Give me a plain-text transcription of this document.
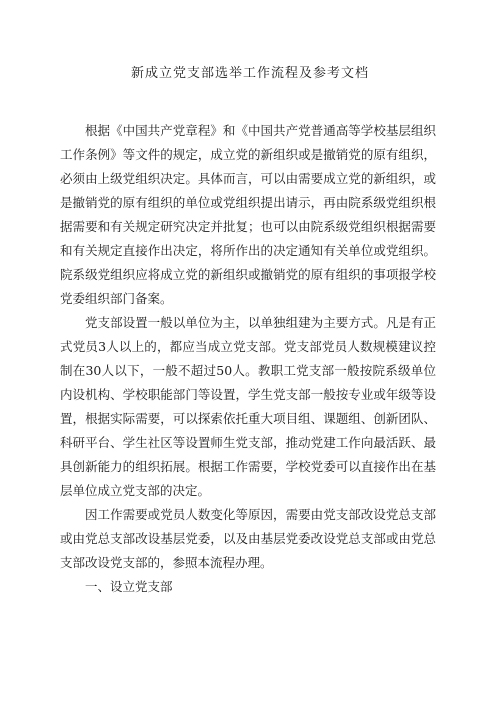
新成立党支部选举工作流程及参考文档

根据《中国共产党章程》和《中国共产党普通高等学校基层组织工作条例》等文件的规定，成立党的新组织或是撤销党的原有组织，必须由上级党组织决定。具体而言，可以由需要成立党的新组织，或是撤销党的原有组织的单位或党组织提出请示，再由院系级党组织根据需要和有关规定研究决定并批复；也可以由院系级党组织根据需要和有关规定直接作出决定，将所作出的决定通知有关单位或党组织。院系级党组织应将成立党的新组织或撤销党的原有组织的事项报学校党委组织部门备案。

党支部设置一般以单位为主，以单独组建为主要方式。凡是有正式党员3人以上的，都应当成立党支部。党支部党员人数规模建议控制在30人以下，一般不超过50人。教职工党支部一般按院系级单位内设机构、学校职能部门等设置，学生党支部一般按专业或年级等设置，根据实际需要，可以探索依托重大项目组、课题组、创新团队、科研平台、学生社区等设置师生党支部，推动党建工作向最活跃、最具创新能力的组织拓展。根据工作需要，学校党委可以直接作出在基层单位成立党支部的决定。

因工作需要或党员人数变化等原因，需要由党支部改设党总支部或由党总支部改设基层党委，以及由基层党委改设党总支部或由党总支部改设党支部的，参照本流程办理。

一、设立党支部
